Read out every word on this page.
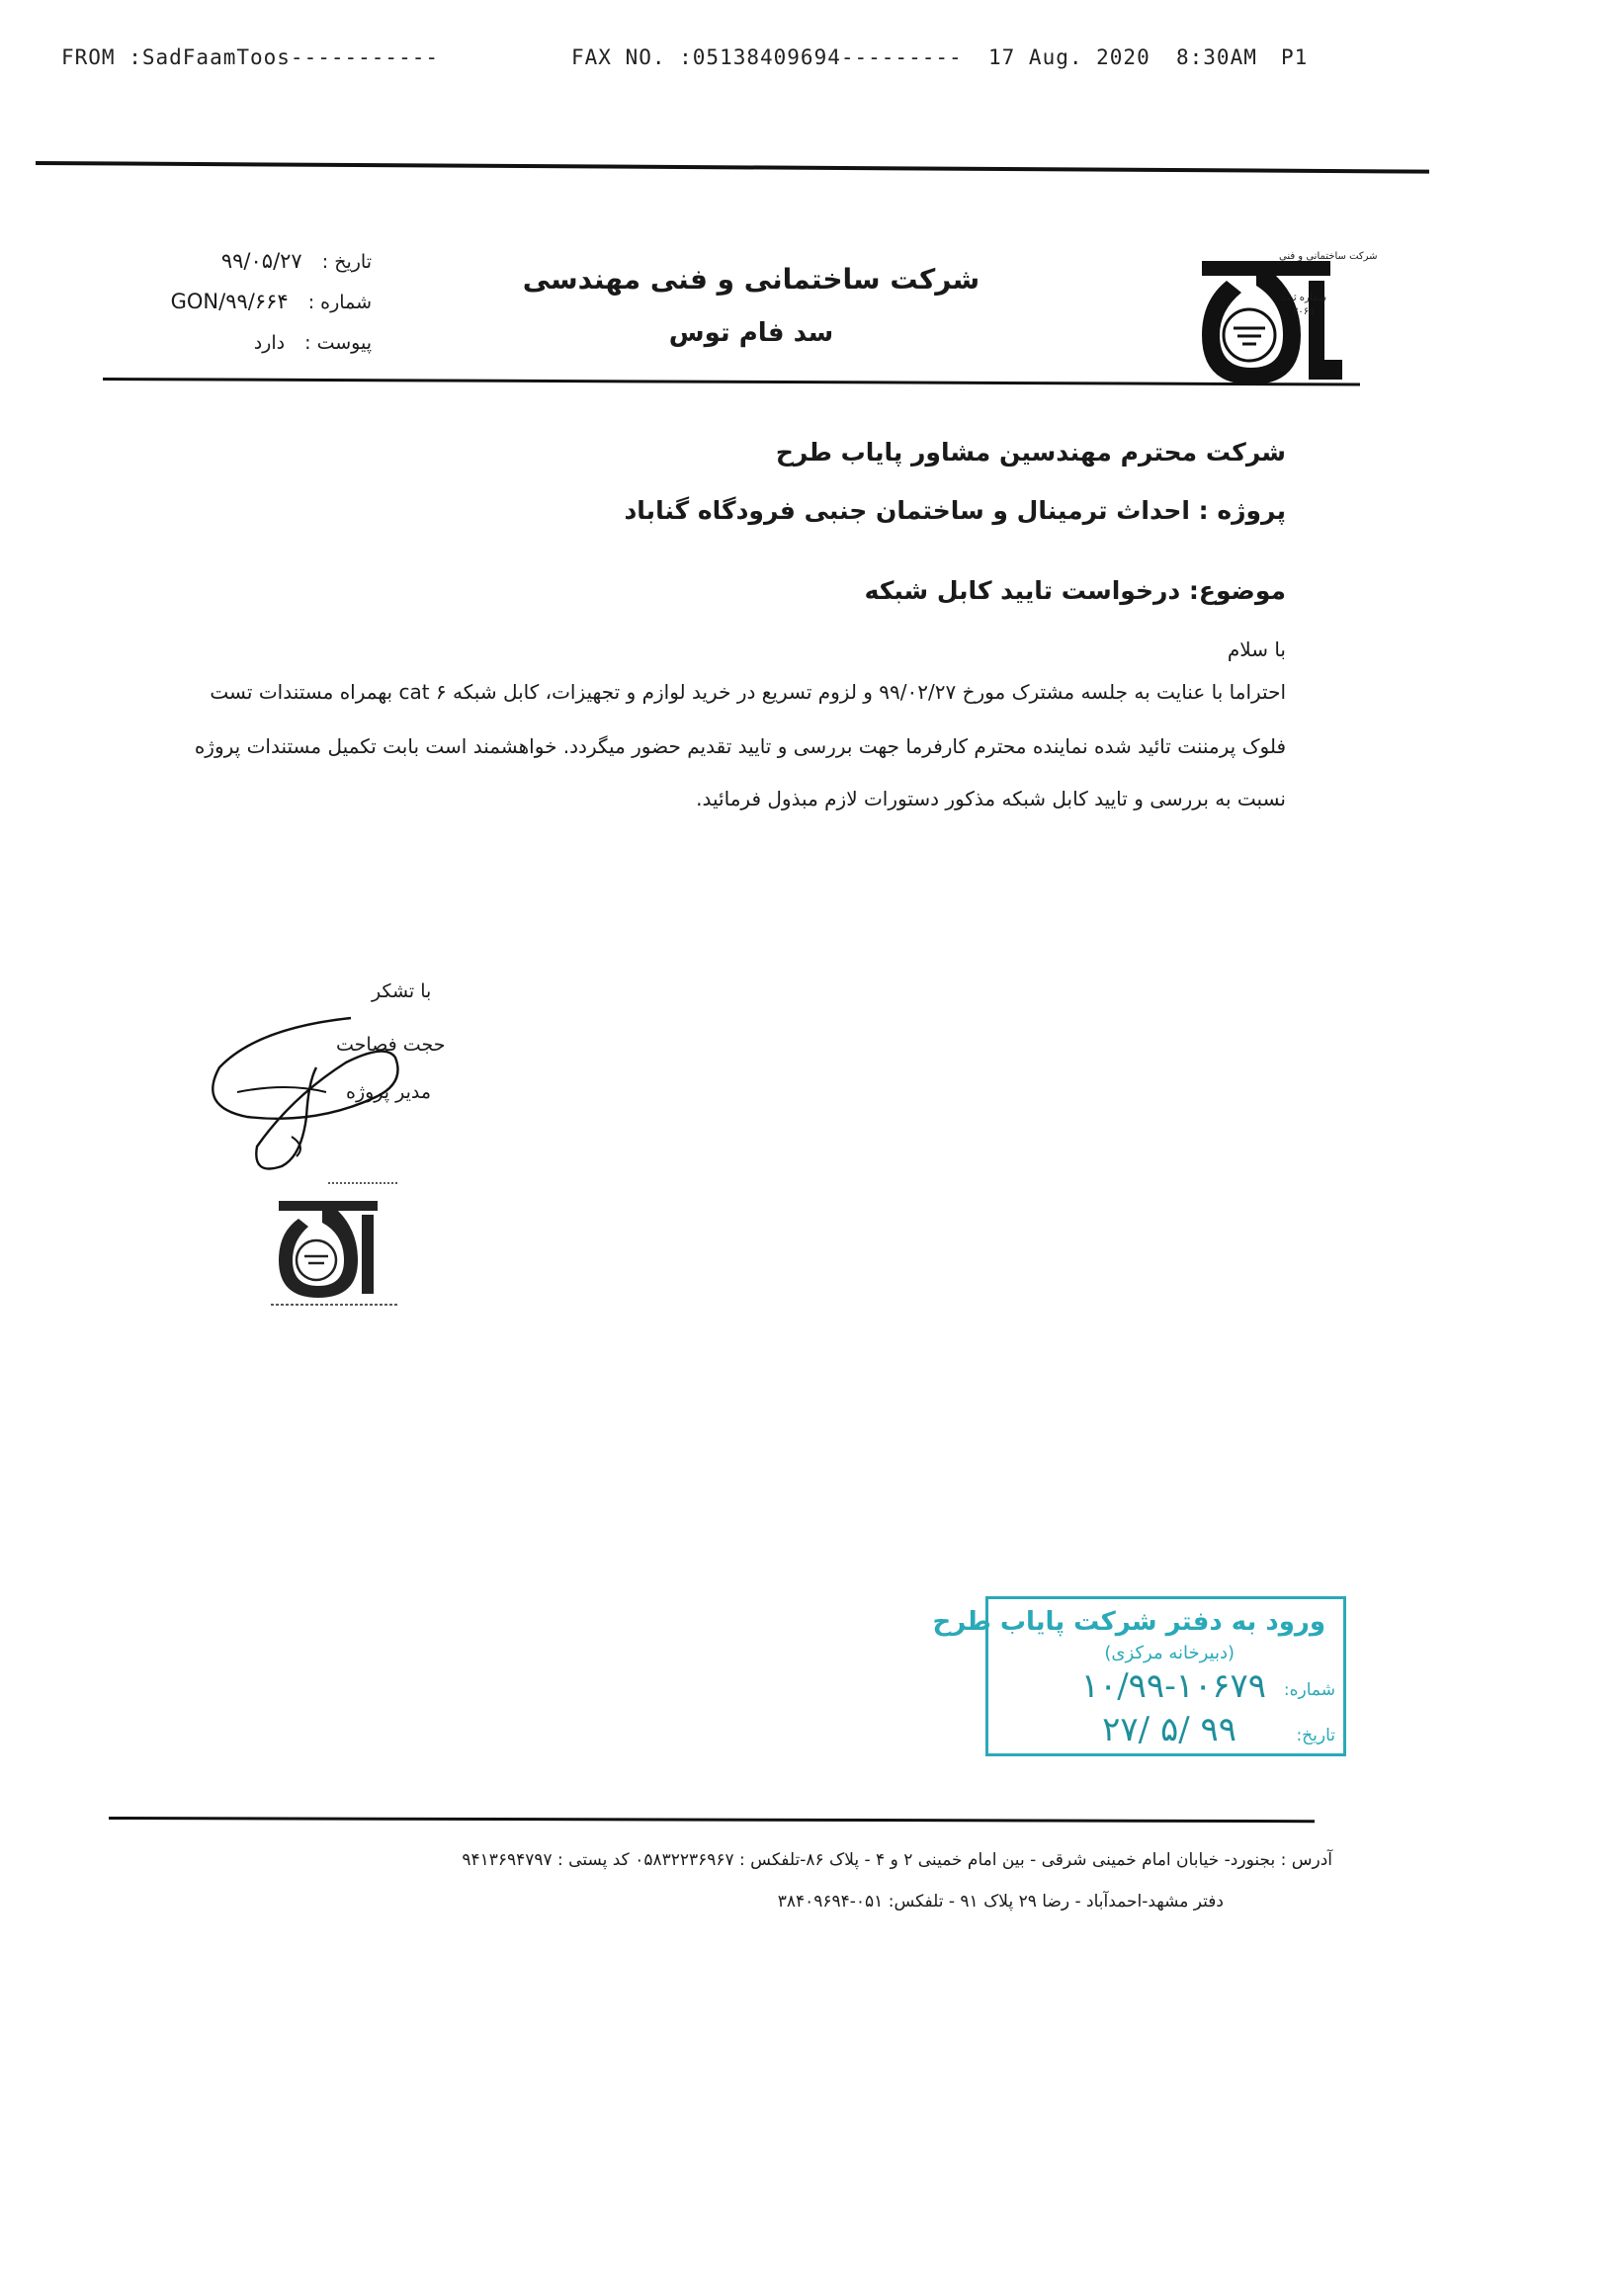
FROM :SadFaamToos-----------	FAX NO. :05138409694--------- 17 Aug. 2020 8:30AM P1
تاریخ : ۹۹/۰۵/۲۷
شماره : GON/۹۹/۶۶۴
پیوست : دارد
شرکت ساختمانی و فنی مهندسی
سد فام توس
شرکت ساختمانی و فنی
شماره ثبت
۲۰۶۵
شرکت محترم مهندسین مشاور پایاب طرح
پروژه : احداث ترمینال و ساختمان جنبی فرودگاه گناباد
موضوع: درخواست تایید کابل شبکه
با سلام
احتراما با عنایت به جلسه مشترک مورخ ۹۹/۰۲/۲۷ و لزوم تسریع در خرید لوازم و تجهیزات، کابل شبکه cat ۶ بهمراه مستندات تست
فلوک پرمننت تائید شده نماینده محترم کارفرما جهت بررسی و تایید تقدیم حضور میگردد. خواهشمند است بابت تکمیل مستندات پروژه
نسبت به بررسی و تایید کابل شبکه مذکور دستورات لازم مبذول فرمائید.
با تشکر
حجت فصاحت
مدیر پروژه
ورود به دفتر شرکت پایاب طرح
(دبیرخانه مرکزی)
شماره:
۱۰/۹۹-۱۰۶۷۹
تاریخ:
۹۹ /۵ /۲۷
آدرس : بجنورد- خیابان امام خمینی شرقی - بین امام خمینی ۲ و ۴ - پلاک ۸۶-تلفکس : ۰۵۸۳۲۲۳۶۹۶۷ کد پستی : ۹۴۱۳۶۹۴۷۹۷
دفتر مشهد-احمدآباد - رضا ۲۹ پلاک ۹۱ - تلفکس: ۰۵۱-۳۸۴۰۹۶۹۴
